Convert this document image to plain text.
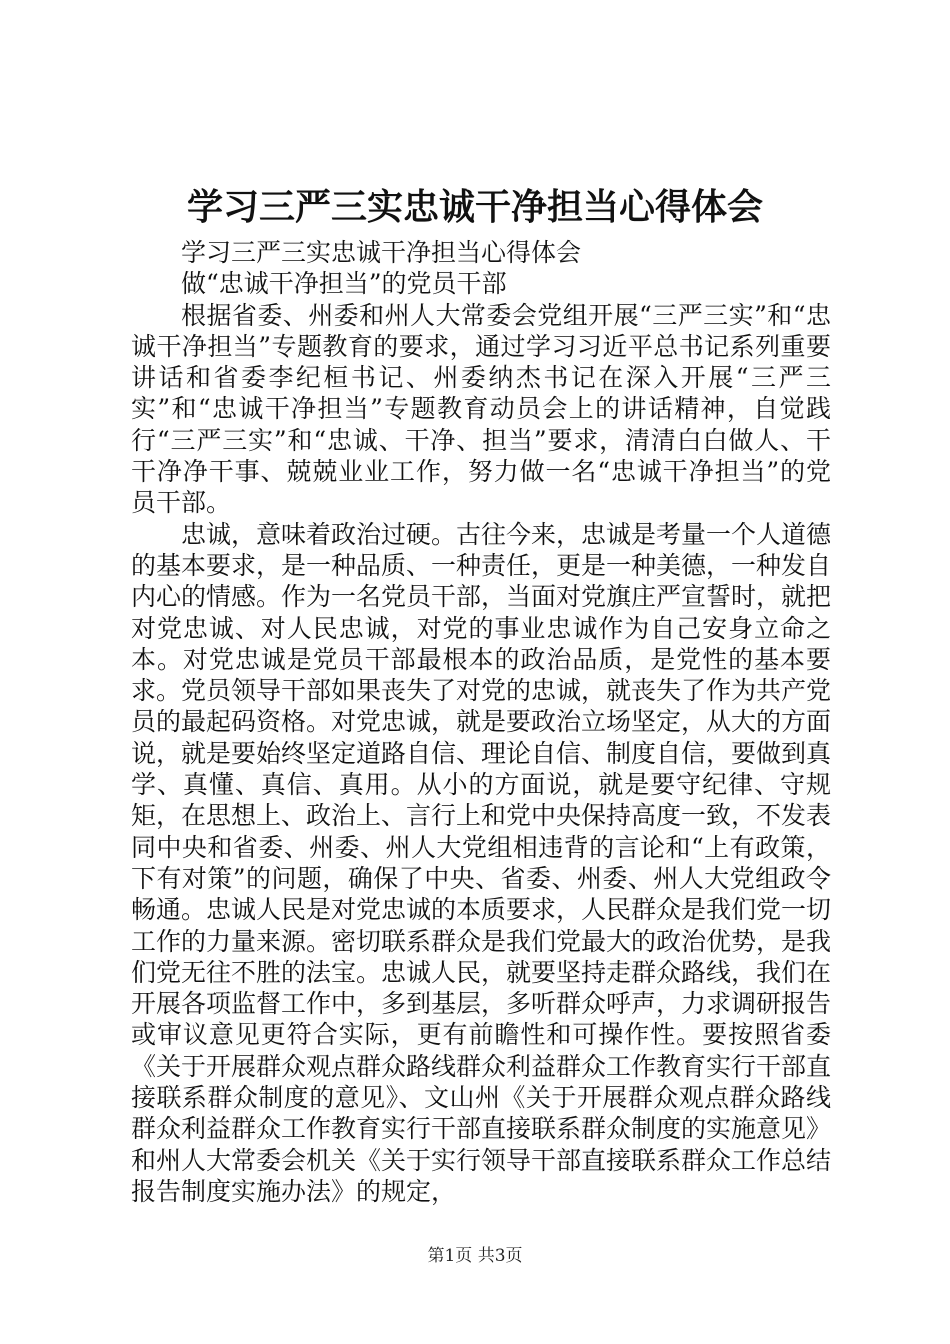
学习三严三实忠诚干净担当心得体会

学习三严三实忠诚干净担当心得体会

做“忠诚干净担当”的党员干部

根据省委、州委和州人大常委会党组开展“三严三实”和“忠诚干净担当”专题教育的要求，通过学习习近平总书记系列重要讲话和省委李纪桓书记、州委纳杰书记在深入开展“三严三实”和“忠诚干净担当”专题教育动员会上的讲话精神，自觉践行“三严三实”和“忠诚、干净、担当”要求，清清白白做人、干干净净干事、兢兢业业工作，努力做一名“忠诚干净担当”的党员干部。

忠诚，意味着政治过硬。古往今来，忠诚是考量一个人道德的基本要求，是一种品质、一种责任，更是一种美德，一种发自内心的情感。作为一名党员干部，当面对党旗庄严宣誓时，就把对党忠诚、对人民忠诚，对党的事业忠诚作为自己安身立命之本。对党忠诚是党员干部最根本的政治品质，是党性的基本要求。党员领导干部如果丧失了对党的忠诚，就丧失了作为共产党员的最起码资格。对党忠诚，就是要政治立场坚定，从大的方面说，就是要始终坚定道路自信、理论自信、制度自信，要做到真学、真懂、真信、真用。从小的方面说，就是要守纪律、守规矩，在思想上、政治上、言行上和党中央保持高度一致，不发表同中央和省委、州委、州人大党组相违背的言论和“上有政策，下有对策”的问题，确保了中央、省委、州委、州人大党组政令畅通。忠诚人民是对党忠诚的本质要求，人民群众是我们党一切工作的力量来源。密切联系群众是我们党最大的政治优势，是我们党无往不胜的法宝。忠诚人民，就要坚持走群众路线，我们在开展各项监督工作中，多到基层，多听群众呼声，力求调研报告或审议意见更符合实际，更有前瞻性和可操作性。要按照省委《关于开展群众观点群众路线群众利益群众工作教育实行干部直接联系群众制度的意见》、文山州《关于开展群众观点群众路线群众利益群众工作教育实行干部直接联系群众制度的实施意见》和州人大常委会机关《关于实行领导干部直接联系群众工作总结报告制度实施办法》的规定，

第1页 共3页
